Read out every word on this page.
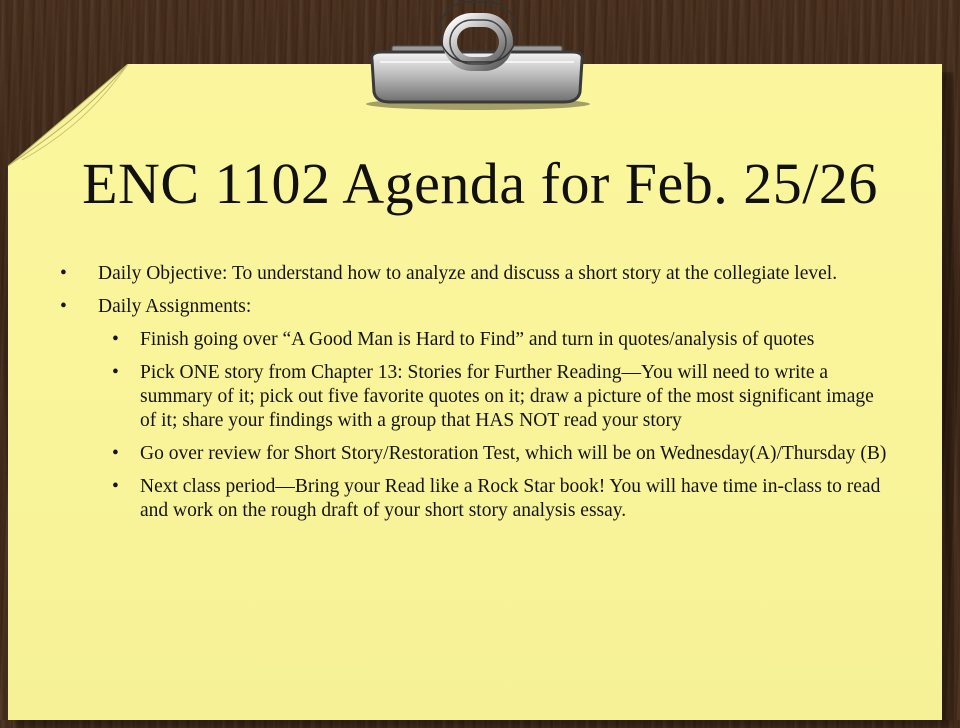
ENC 1102 Agenda for Feb. 25/26
• Daily Objective: To understand how to analyze and discuss a short story at the collegiate level.
• Daily Assignments:
• Finish going over “A Good Man is Hard to Find” and turn in quotes/analysis of quotes
• Pick ONE story from Chapter 13: Stories for Further Reading—You will need to write a summary of it; pick out five favorite quotes on it; draw a picture of the most significant image of it; share your findings with a group that HAS NOT read your story
• Go over review for Short Story/Restoration Test, which will be on Wednesday(A)/Thursday (B)
• Next class period—Bring your Read like a Rock Star book! You will have time in-class to read and work on the rough draft of your short story analysis essay.
